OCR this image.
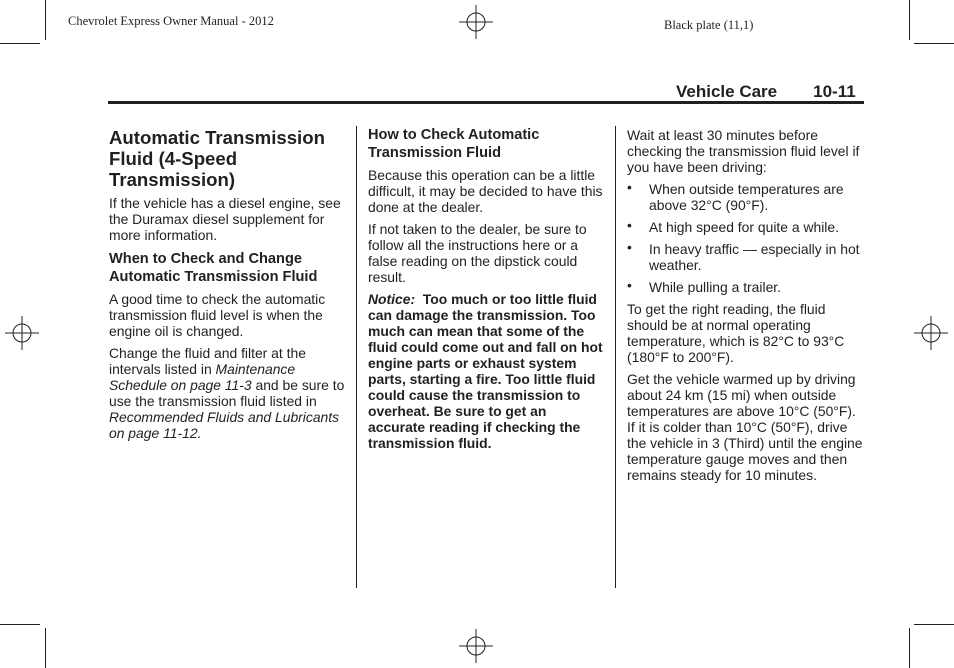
Chevrolet Express Owner Manual - 2012	Black plate (11,1)
Vehicle Care 10-11
Automatic Transmission Fluid (4-Speed Transmission)

If the vehicle has a diesel engine, see the Duramax diesel supplement for more information.

When to Check and Change Automatic Transmission Fluid

A good time to check the automatic transmission fluid level is when the engine oil is changed.

Change the fluid and filter at the intervals listed in Maintenance Schedule on page 11-3 and be sure to use the transmission fluid listed in Recommended Fluids and Lubricants on page 11-12.

How to Check Automatic Transmission Fluid

Because this operation can be a little difficult, it may be decided to have this done at the dealer.

If not taken to the dealer, be sure to follow all the instructions here or a false reading on the dipstick could result.

Notice: Too much or too little fluid can damage the transmission. Too much can mean that some of the fluid could come out and fall on hot engine parts or exhaust system parts, starting a fire. Too little fluid could cause the transmission to overheat. Be sure to get an accurate reading if checking the transmission fluid.

Wait at least 30 minutes before checking the transmission fluid level if you have been driving:

• When outside temperatures are above 32°C (90°F).
• At high speed for quite a while.
• In heavy traffic — especially in hot weather.
• While pulling a trailer.

To get the right reading, the fluid should be at normal operating temperature, which is 82°C to 93°C (180°F to 200°F).

Get the vehicle warmed up by driving about 24 km (15 mi) when outside temperatures are above 10°C (50°F). If it is colder than 10°C (50°F), drive the vehicle in 3 (Third) until the engine temperature gauge moves and then remains steady for 10 minutes.
